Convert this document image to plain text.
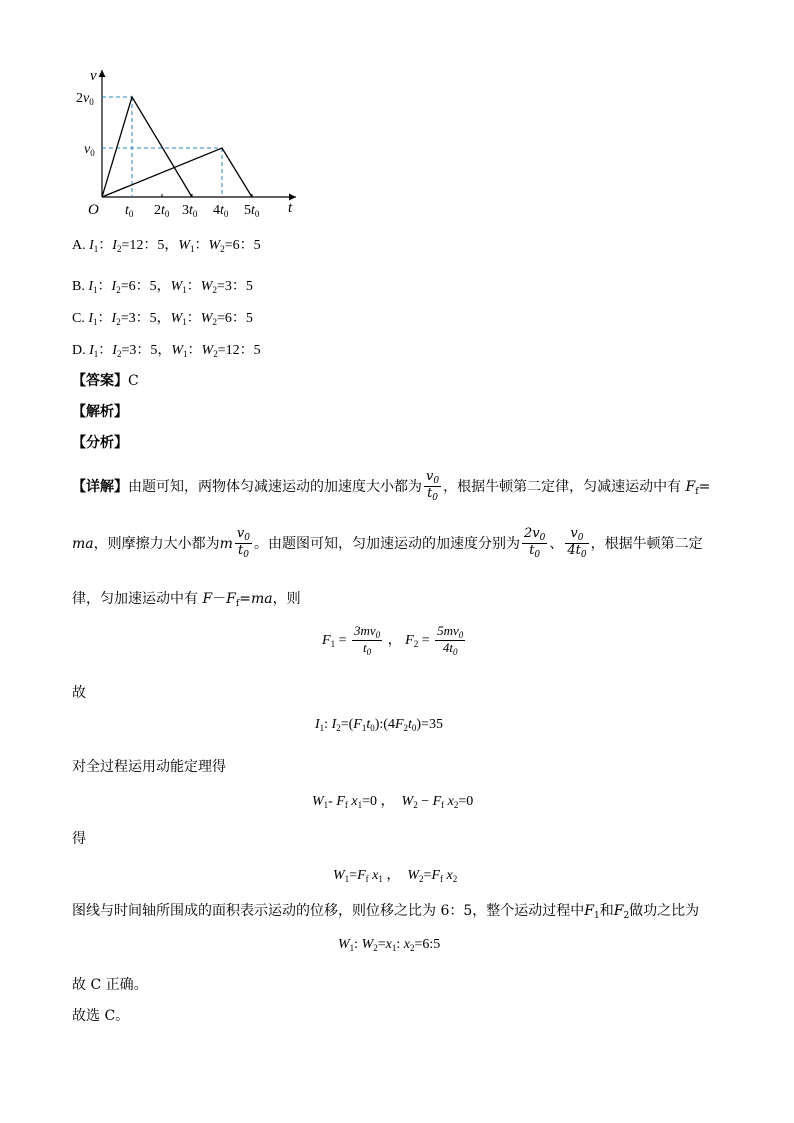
v
t
O
$2v_0$
$v_0$
$t_0$ $2t_0$ $3t_0$ $4t_0$ $5t_0$
A. $I_1$：$I_2=12$：5，$W_1$：$W_2=6$：5
B. $I_1$：$I_2=6$：5，$W_1$：$W_2=3$：5
C. $I_1$：$I_2=3$：5，$W_1$：$W_2=6$：5
D. $I_1$：$I_2=3$：5，$W_1$：$W_2=12$：5
【答案】C
【解析】
【分析】
【详解】由题可知，两物体匀减速运动的加速度大小都为 $\frac{v_0}{t_0}$ ，根据牛顿第二定律，匀减速运动中有 $F_f=$
ma，则摩擦力大小都为m $\frac{v_0}{t_0}$ 。由题图可知，匀加速运动的加速度分别为 $\frac{2v_0}{t_0}$ 、 $\frac{v_0}{4t_0}$ ，根据牛顿第二定
律，匀加速运动中有 $F-F_f=ma$，则
$F_1 = \frac{3mv_0}{t_0}$ ， $F_2 = \frac{5mv_0}{4t_0}$
故
$I_1$: $I_2=(F_1t_0):(4F_2t_0)=35$
对全过程运用动能定理得
$W_1-$ $F_f$ $x_1=0$ ，  $W_2 - F_f$ $x_2=0$
得
$W_1=F_f$ $x_1$ ，  $W_2=F_f$ $x_2$
图线与时间轴所围成的面积表示运动的位移，则位移之比为 6：5，整个运动过程中$F_1$和$F_2$做功之比为
$W_1$: $W_2=x_1$: $x_2=6:5$
故 C 正确。
故选 C。
